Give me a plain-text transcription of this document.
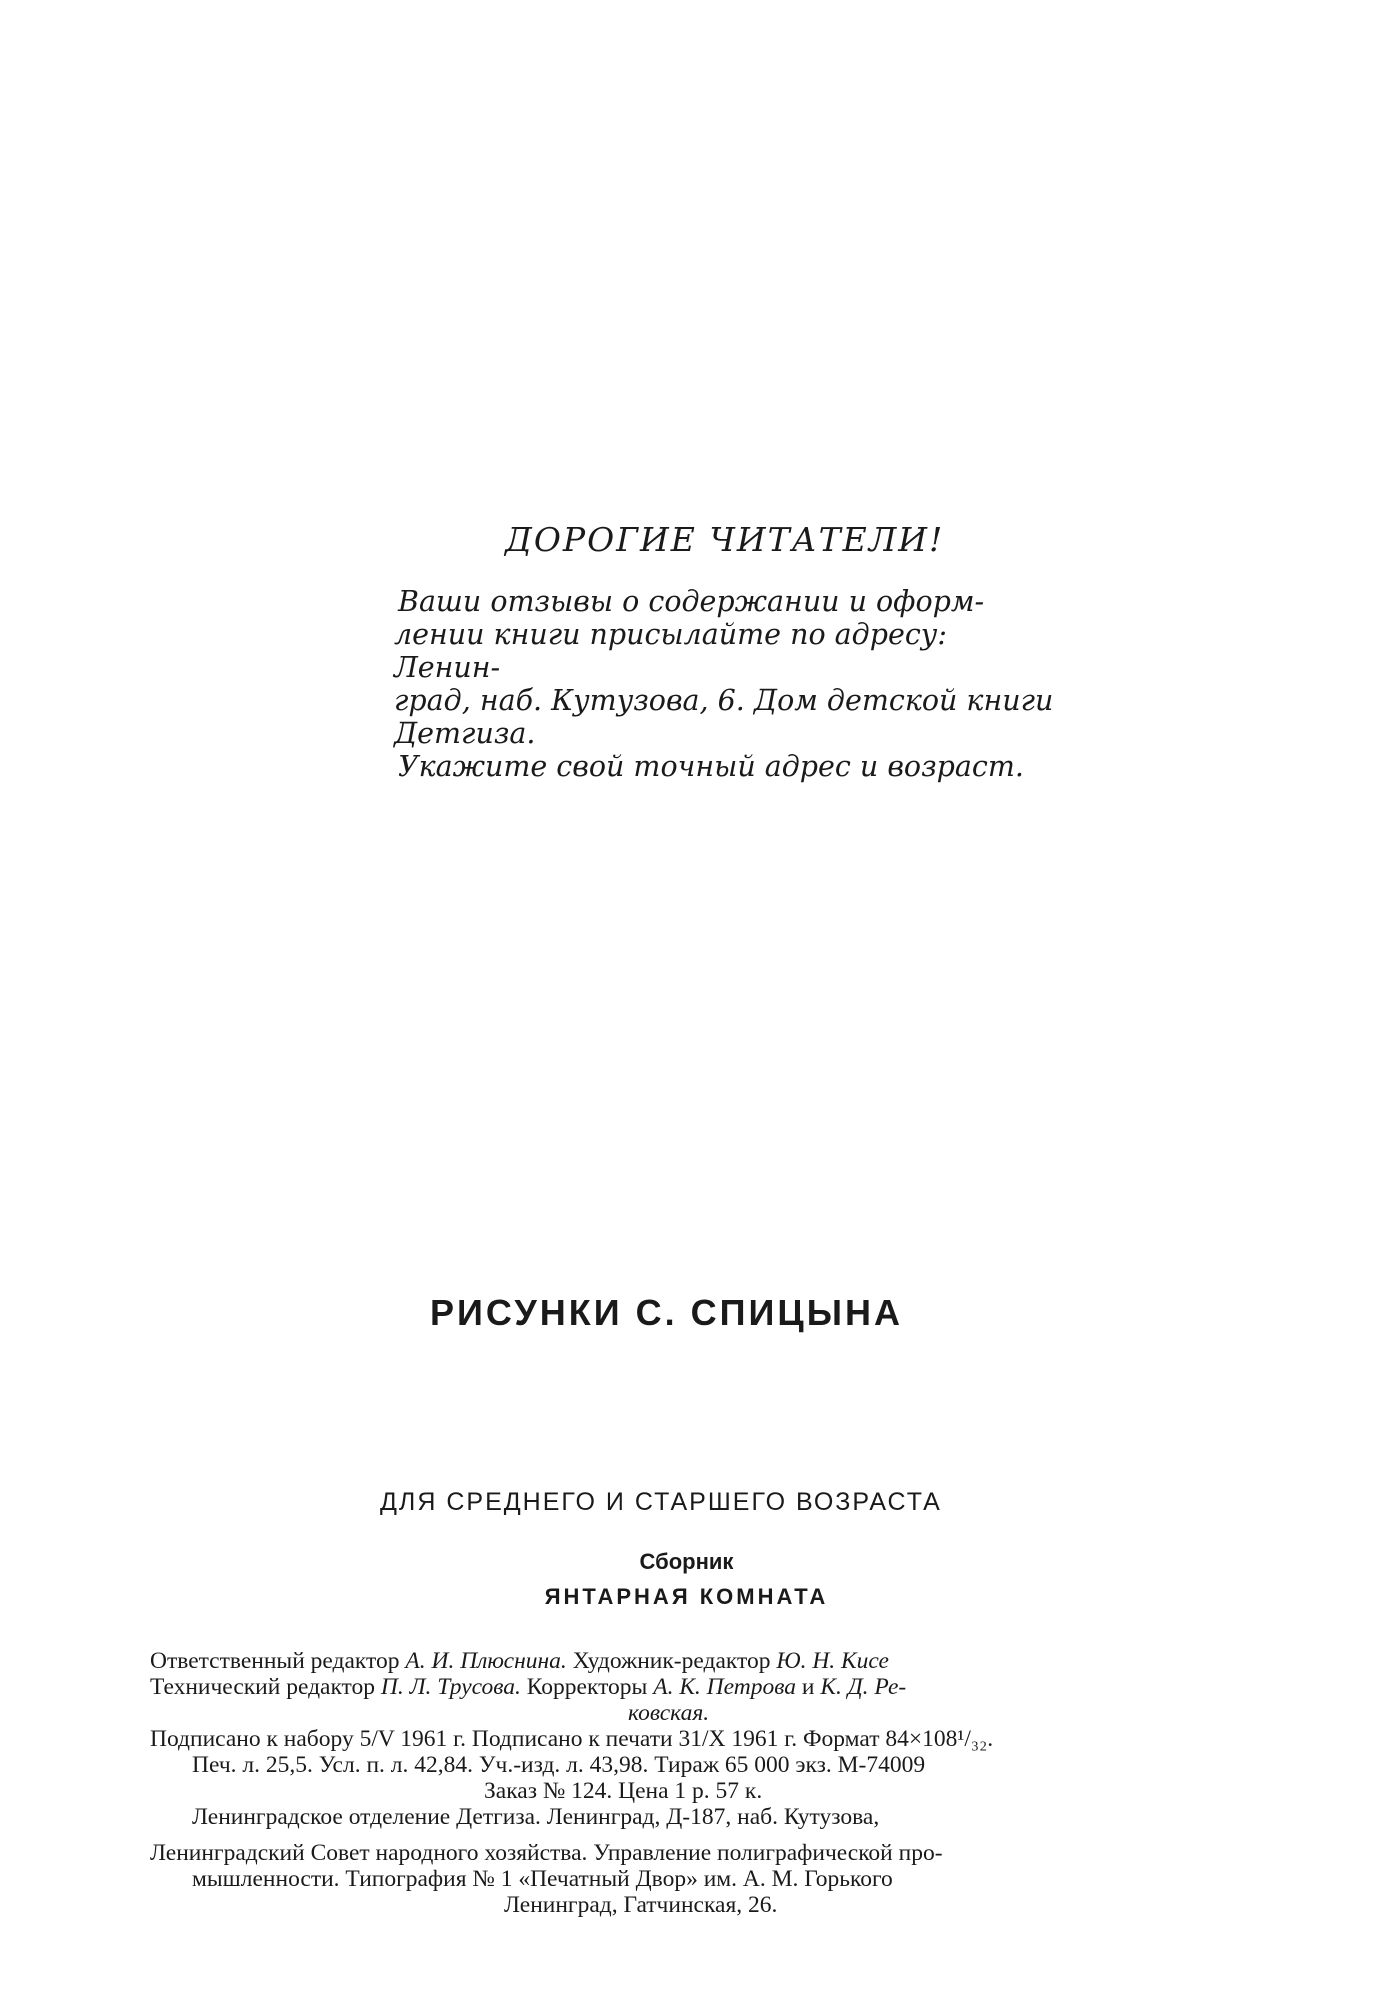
ДОРОГИЕ ЧИТАТЕЛИ!

Ваши отзывы о содержании и оформ-

лении книги присылайте по адресу: Ленин-

град, наб. Кутузова, 6. Дом детской книги

Детгиза.

Укажите свой точный адрес и возраст.

РИСУНКИ С. СПИЦЫНА
ДЛЯ СРЕДНЕГО И СТАРШЕГО ВОЗРАСТА
Сборник
ЯНТАРНАЯ КОМНАТА
Ответственный редактор А. И. Плюснина. Художник-редактор Ю. Н. Кисе
Технический редактор П. Л. Трусова. Корректоры А. К. Петрова и К. Д. Ре-
ковская.
Подписано к набору 5/V 1961 г. Подписано к печати 31/X 1961 г. Формат 84×108¹/₃₂.
Печ. л. 25,5. Усл. п. л. 42,84. Уч.-изд. л. 43,98. Тираж 65 000 экз. М-74009
Заказ № 124. Цена 1 р. 57 к.
Ленинградское отделение Детгиза. Ленинград, Д-187, наб. Кутузова,
Ленинградский Совет народного хозяйства. Управление полиграфической про-
мышленности. Типография № 1 «Печатный Двор» им. А. М. Горького
Ленинград, Гатчинская, 26.
